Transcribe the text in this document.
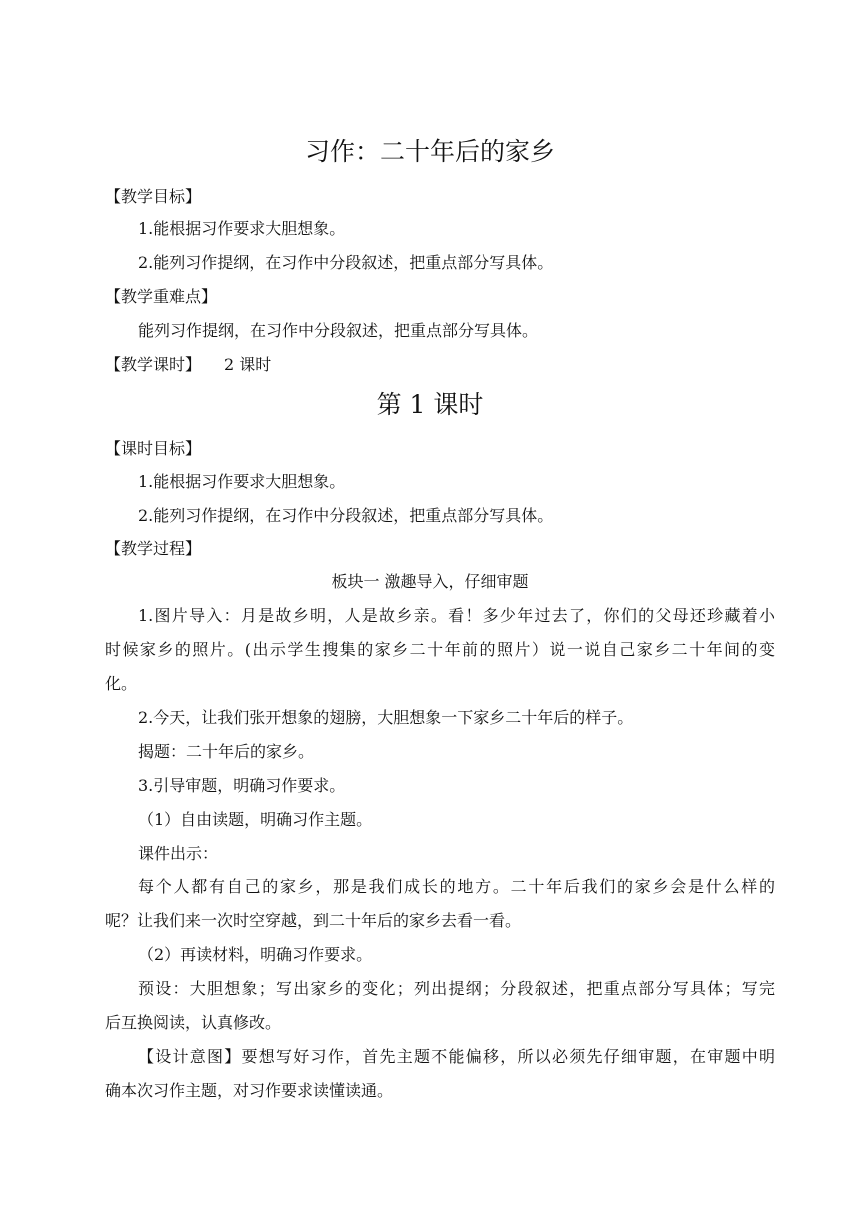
习作：二十年后的家乡
【教学目标】
1.能根据习作要求大胆想象。
2.能列习作提纲，在习作中分段叙述，把重点部分写具体。
【教学重难点】
能列习作提纲，在习作中分段叙述，把重点部分写具体。
【教学课时】 2 课时
第 1 课时
【课时目标】
1.能根据习作要求大胆想象。
2.能列习作提纲，在习作中分段叙述，把重点部分写具体。
【教学过程】
板块一 激趣导入，仔细审题
1.图片导入：月是故乡明，人是故乡亲。看！多少年过去了，你们的父母还珍藏着小
时候家乡的照片。(出示学生搜集的家乡二十年前的照片）说一说自己家乡二十年间的变
化。
2.今天，让我们张开想象的翅膀，大胆想象一下家乡二十年后的样子。
揭题：二十年后的家乡。
3.引导审题，明确习作要求。
（1）自由读题，明确习作主题。
课件出示：
每个人都有自己的家乡，那是我们成长的地方。二十年后我们的家乡会是什么样的
呢？让我们来一次时空穿越，到二十年后的家乡去看一看。
（2）再读材料，明确习作要求。
预设：大胆想象；写出家乡的变化；列出提纲；分段叙述，把重点部分写具体；写完
后互换阅读，认真修改。
【设计意图】要想写好习作，首先主题不能偏移，所以必须先仔细审题，在审题中明
确本次习作主题，对习作要求读懂读通。
